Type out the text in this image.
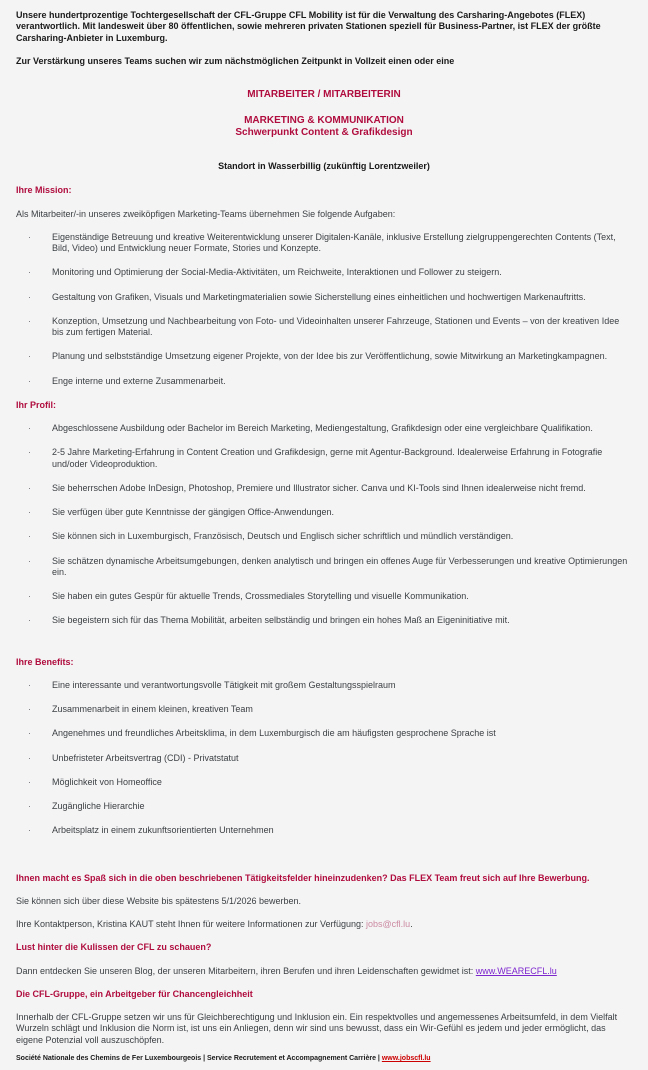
Unsere hundertprozentige Tochtergesellschaft der CFL-Gruppe CFL Mobility ist für die Verwaltung des Carsharing-Angebotes (FLEX) verantwortlich. Mit landesweit über 80 öffentlichen, sowie mehreren privaten Stationen speziell für Business-Partner, ist FLEX der größte Carsharing-Anbieter in Luxemburg.

Zur Verstärkung unseres Teams suchen wir zum nächstmöglichen Zeitpunkt in Vollzeit einen oder eine

MITARBEITER / MITARBEITERIN

MARKETING & KOMMUNIKATION

Schwerpunkt Content & Grafikdesign

Standort in Wasserbillig (zukünftig Lorentzweiler)

Ihre Mission:

Als Mitarbeiter/-in unseres zweiköpfigen Marketing-Teams übernehmen Sie folgende Aufgaben:

· Eigenständige Betreuung und kreative Weiterentwicklung unserer Digitalen-Kanäle, inklusive Erstellung zielgruppengerechten Contents (Text, Bild, Video) und Entwicklung neuer Formate, Stories und Konzepte.
· Monitoring und Optimierung der Social-Media-Aktivitäten, um Reichweite, Interaktionen und Follower zu steigern.
· Gestaltung von Grafiken, Visuals und Marketingmaterialien sowie Sicherstellung eines einheitlichen und hochwertigen Markenauftritts.
· Konzeption, Umsetzung und Nachbearbeitung von Foto- und Videoinhalten unserer Fahrzeuge, Stationen und Events – von der kreativen Idee bis zum fertigen Material.
· Planung und selbstständige Umsetzung eigener Projekte, von der Idee bis zur Veröffentlichung, sowie Mitwirkung an Marketingkampagnen.
· Enge interne und externe Zusammenarbeit.
Ihr Profil:
· Abgeschlossene Ausbildung oder Bachelor im Bereich Marketing, Mediengestaltung, Grafikdesign oder eine vergleichbare Qualifikation.
· 2-5 Jahre Marketing-Erfahrung in Content Creation und Grafikdesign, gerne mit Agentur-Background. Idealerweise Erfahrung in Fotografie und/oder Videoproduktion.
· Sie beherrschen Adobe InDesign, Photoshop, Premiere und Illustrator sicher. Canva und KI-Tools sind Ihnen idealerweise nicht fremd.
· Sie verfügen über gute Kenntnisse der gängigen Office-Anwendungen.
· Sie können sich in Luxemburgisch, Französisch, Deutsch und Englisch sicher schriftlich und mündlich verständigen.
· Sie schätzen dynamische Arbeitsumgebungen, denken analytisch und bringen ein offenes Auge für Verbesserungen und kreative Optimierungen ein.
· Sie haben ein gutes Gespür für aktuelle Trends, Crossmediales Storytelling und visuelle Kommunikation.
· Sie begeistern sich für das Thema Mobilität, arbeiten selbständig und bringen ein hohes Maß an Eigeninitiative mit.
Ihre Benefits:
· Eine interessante und verantwortungsvolle Tätigkeit mit großem Gestaltungsspielraum
· Zusammenarbeit in einem kleinen, kreativen Team
· Angenehmes und freundliches Arbeitsklima, in dem Luxemburgisch die am häufigsten gesprochene Sprache ist
· Unbefristeter Arbeitsvertrag (CDI) - Privatstatut
· Möglichkeit von Homeoffice
· Zugängliche Hierarchie
· Arbeitsplatz in einem zukunftsorientierten Unternehmen

Ihnen macht es Spaß sich in die oben beschriebenen Tätigkeitsfelder hineinzudenken? Das FLEX Team freut sich auf Ihre Bewerbung.

Sie können sich über diese Website bis spätestens 5/1/2026 bewerben.

Ihre Kontaktperson, Kristina KAUT steht Ihnen für weitere Informationen zur Verfügung: jobs@cfl.lu.

Lust hinter die Kulissen der CFL zu schauen?

Dann entdecken Sie unseren Blog, der unseren Mitarbeitern, ihren Berufen und ihren Leidenschaften gewidmet ist: www.WEARECFL.lu

Die CFL-Gruppe, ein Arbeitgeber für Chancengleichheit

Innerhalb der CFL-Gruppe setzen wir uns für Gleichberechtigung und Inklusion ein. Ein respektvolles und angemessenes Arbeitsumfeld, in dem Vielfalt Wurzeln schlägt und Inklusion die Norm ist, ist uns ein Anliegen, denn wir sind uns bewusst, dass ein Wir-Gefühl es jedem und jeder ermöglicht, das eigene Potenzial voll auszuschöpfen.

Société Nationale des Chemins de Fer Luxembourgeois | Service Recrutement et Accompagnement Carrière | www.jobscfl.lu
